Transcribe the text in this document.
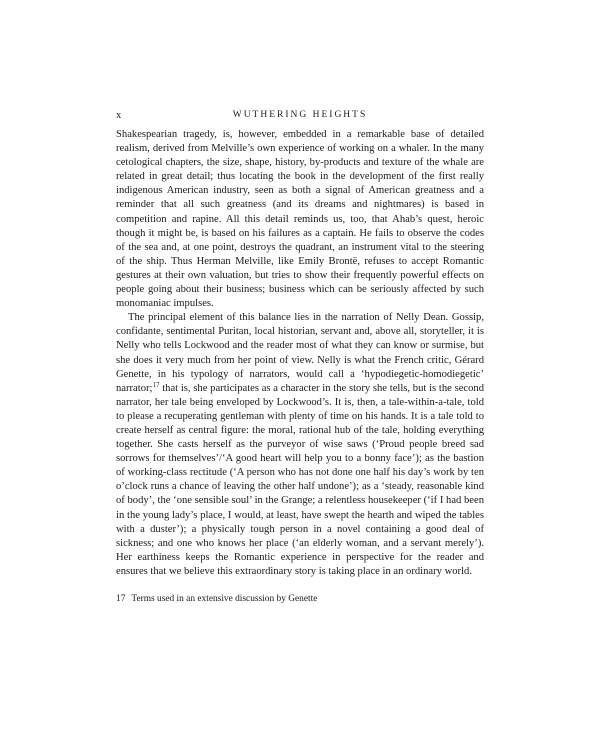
x	WUTHERING HEIGHTS

Shakespearian tragedy, is, however, embedded in a remarkable base of detailed realism, derived from Melville’s own experience of working on a whaler. In the many cetological chapters, the size, shape, history, by-products and texture of the whale are related in great detail; thus locating the book in the development of the first really indigenous American industry, seen as both a signal of American greatness and a reminder that all such greatness (and its dreams and nightmares) is based in competition and rapine. All this detail reminds us, too, that Ahab’s quest, heroic though it might be, is based on his failures as a captain. He fails to observe the codes of the sea and, at one point, destroys the quadrant, an instrument vital to the steering of the ship. Thus Herman Melville, like Emily Brontë, refuses to accept Romantic gestures at their own valuation, but tries to show their frequently powerful effects on people going about their business; business which can be seriously affected by such monomaniac impulses.

The principal element of this balance lies in the narration of Nelly Dean. Gossip, confidante, sentimental Puritan, local historian, servant and, above all, storyteller, it is Nelly who tells Lockwood and the reader most of what they can know or surmise, but she does it very much from her point of view. Nelly is what the French critic, Gérard Genette, in his typology of narrators, would call a ‘hypodiegetic-homodiegetic’ narrator;$^{17}$ that is, she participates as a character in the story she tells, but is the second narrator, her tale being enveloped by Lockwood’s. It is, then, a tale-within-a-tale, told to please a recuperating gentleman with plenty of time on his hands. It is a tale told to create herself as central figure: the moral, rational hub of the tale, holding everything together. She casts herself as the purveyor of wise saws (‘Proud people breed sad sorrows for themselves’/‘A good heart will help you to a bonny face’); as the bastion of working-class rectitude (‘A person who has not done one half his day’s work by ten o’clock runs a chance of leaving the other half undone’); as a ‘steady, reasonable kind of body’, the ‘one sensible soul’ in the Grange; a relentless housekeeper (‘if I had been in the young lady’s place, I would, at least, have swept the hearth and wiped the tables with a duster’); a physically tough person in a novel containing a good deal of sickness; and one who knows her place (‘an elderly woman, and a servant merely’). Her earthiness keeps the Romantic experience in perspective for the reader and ensures that we believe this extraordinary story is taking place in an ordinary world.

17 Terms used in an extensive discussion by Genette
